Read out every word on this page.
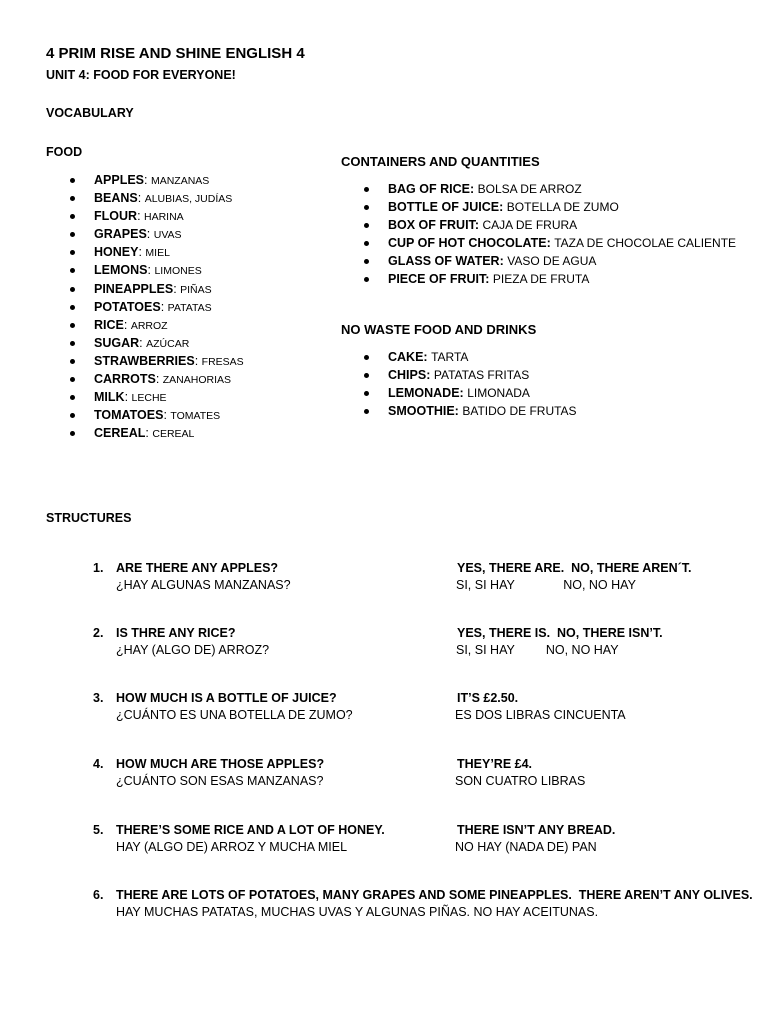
4 PRIM RISE AND SHINE ENGLISH 4
UNIT 4: FOOD FOR EVERYONE!
VOCABULARY
FOOD
APPLES: MANZANAS
BEANS: ALUBIAS, JUDÍAS
FLOUR: HARINA
GRAPES: UVAS
HONEY: MIEL
LEMONS: LIMONES
PINEAPPLES: PIÑAS
POTATOES: PATATAS
RICE: ARROZ
SUGAR: AZÚCAR
STRAWBERRIES: FRESAS
CARROTS: ZANAHORIAS
MILK: LECHE
TOMATOES: TOMATES
CEREAL: CEREAL
CONTAINERS AND QUANTITIES
BAG OF RICE: BOLSA DE ARROZ
BOTTLE OF JUICE: BOTELLA DE ZUMO
BOX OF FRUIT: CAJA DE FRURA
CUP OF HOT CHOCOLATE: TAZA DE CHOCOLAE CALIENTE
GLASS OF WATER: VASO DE AGUA
PIECE OF FRUIT: PIEZA DE FRUTA
NO WASTE FOOD AND DRINKS
CAKE: TARTA
CHIPS: PATATAS FRITAS
LEMONADE: LIMONADA
SMOOTHIE: BATIDO DE FRUTAS
STRUCTURES
1.	ARE THERE ANY APPLES?
¿HAY ALGUNAS MANZANAS?
YES, THERE ARE.  NO, THERE AREN´T.
SI, SI HAY              NO, NO HAY
2.	IS THRE ANY RICE?
¿HAY (ALGO DE) ARROZ?
YES, THERE IS.  NO, THERE ISN’T.
SI, SI HAY         NO, NO HAY
3.	HOW MUCH IS A BOTTLE OF JUICE?
¿CUÁNTO ES UNA BOTELLA DE ZUMO?
IT’S £2.50.
ES DOS LIBRAS CINCUENTA
4.	HOW MUCH ARE THOSE APPLES?
¿CUÁNTO SON ESAS MANZANAS?
THEY’RE £4.
SON CUATRO LIBRAS
5.	THERE’S SOME RICE AND A LOT OF HONEY.
HAY (ALGO DE) ARROZ Y MUCHA MIEL
THERE ISN’T ANY BREAD.
NO HAY (NADA DE) PAN
6.	THERE ARE LOTS OF POTATOES, MANY GRAPES AND SOME PINEAPPLES.  THERE AREN’T ANY OLIVES.
HAY MUCHAS PATATAS, MUCHAS UVAS Y ALGUNAS PIÑAS. NO HAY ACEITUNAS.
